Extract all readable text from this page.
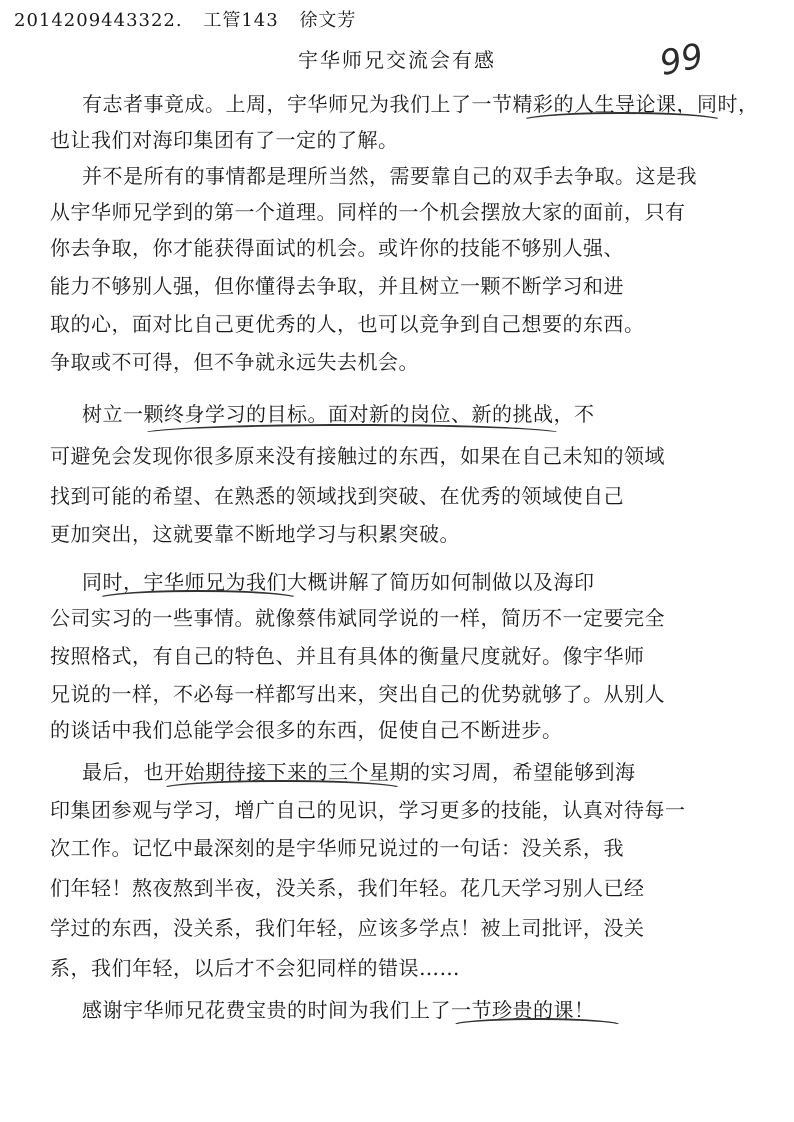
2014209443322. 工管143 徐文芳
99
宇华师兄交流会有感
有志者事竟成。上周，宇华师兄为我们上了一节精彩的人生导论课，同时，
也让我们对海印集团有了一定的了解。
并不是所有的事情都是理所当然，需要靠自己的双手去争取。这是我
从宇华师兄学到的第一个道理。同样的一个机会摆放大家的面前，只有
你去争取，你才能获得面试的机会。或许你的技能不够别人强、
能力不够别人强，但你懂得去争取，并且树立一颗不断学习和进
取的心，面对比自己更优秀的人，也可以竞争到自己想要的东西。
争取或不可得，但不争就永远失去机会。
树立一颗终身学习的目标。面对新的岗位、新的挑战，不
可避免会发现你很多原来没有接触过的东西，如果在自己未知的领域
找到可能的希望、在熟悉的领域找到突破、在优秀的领域使自己
更加突出，这就要靠不断地学习与积累突破。
同时，宇华师兄为我们大概讲解了简历如何制做以及海印
公司实习的一些事情。就像蔡伟斌同学说的一样，简历不一定要完全
按照格式，有自己的特色、并且有具体的衡量尺度就好。像宇华师
兄说的一样，不必每一样都写出来，突出自己的优势就够了。从别人
的谈话中我们总能学会很多的东西，促使自己不断进步。
最后，也开始期待接下来的三个星期的实习周，希望能够到海
印集团参观与学习，增广自己的见识，学习更多的技能，认真对待每一
次工作。记忆中最深刻的是宇华师兄说过的一句话：没关系，我
们年轻！熬夜熬到半夜，没关系，我们年轻。花几天学习别人已经
学过的东西，没关系，我们年轻，应该多学点！被上司批评，没关
系，我们年轻，以后才不会犯同样的错误……
感谢宇华师兄花费宝贵的时间为我们上了一节珍贵的课！
